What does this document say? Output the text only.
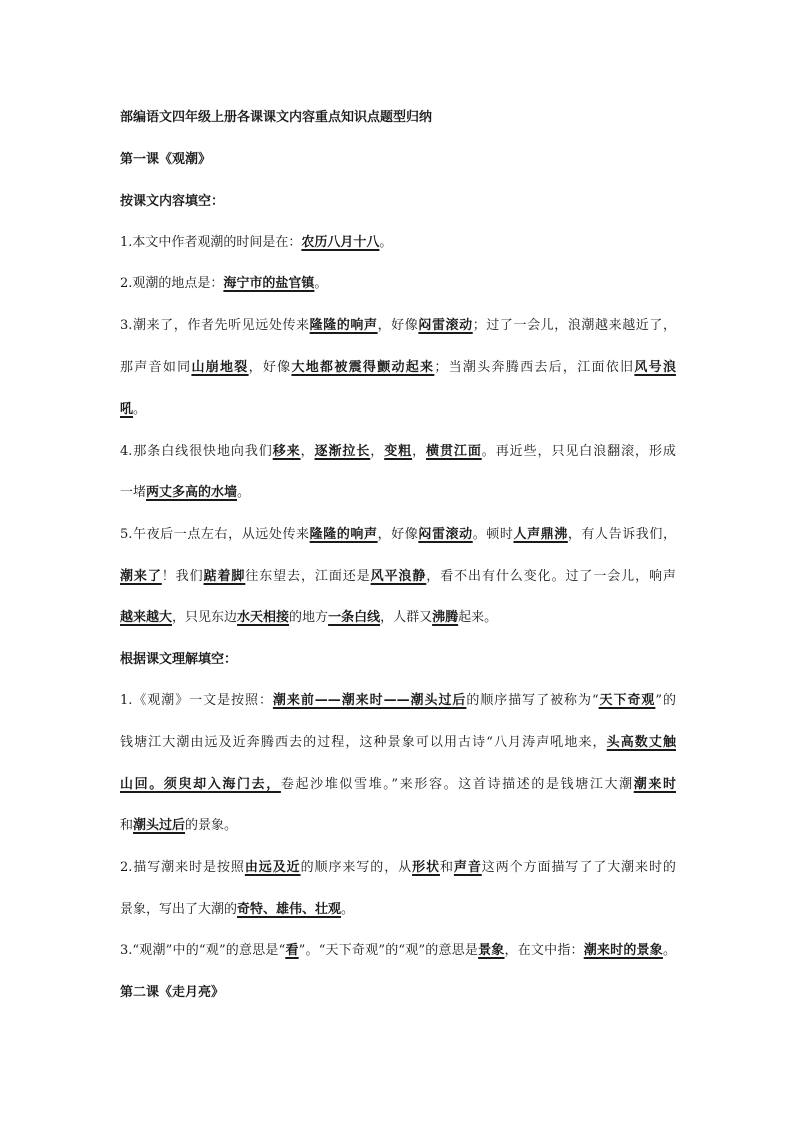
部编语文四年级上册各课课文内容重点知识点题型归纳
第一课《观潮》
按课文内容填空：
1.本文中作者观潮的时间是在：农历八月十八。
2.观潮的地点是：海宁市的盐官镇。
3.潮来了，作者先听见远处传来隆隆的响声，好像闷雷滚动；过了一会儿，浪潮越来越近了，
那声音如同山崩地裂，好像大地都被震得颤动起来；当潮头奔腾西去后，江面依旧风号浪
吼。
4.那条白线很快地向我们移来，逐渐拉长，变粗，横贯江面。再近些，只见白浪翻滚，形成
一堵两丈多高的水墙。
5.午夜后一点左右，从远处传来隆隆的响声，好像闷雷滚动。顿时人声鼎沸，有人告诉我们，
潮来了！我们踮着脚往东望去，江面还是风平浪静，看不出有什么变化。过了一会儿，响声
越来越大，只见东边水天相接的地方一条白线，人群又沸腾起来。
根据课文理解填空：
1.《观潮》一文是按照：潮来前——潮来时——潮头过后的顺序描写了被称为“天下奇观”的
钱塘江大潮由远及近奔腾西去的过程，这种景象可以用古诗“八月涛声吼地来，头高数丈触
山回。须臾却入海门去，卷起沙堆似雪堆。”来形容。这首诗描述的是钱塘江大潮潮来时
和潮头过后的景象。
2.描写潮来时是按照由远及近的顺序来写的，从形状和声音这两个方面描写了了大潮来时的
景象，写出了大潮的奇特、雄伟、壮观。
3.“观潮”中的“观”的意思是“看”。“天下奇观”的“观”的意思是景象，在文中指：潮来时的景象。
第二课《走月亮》
